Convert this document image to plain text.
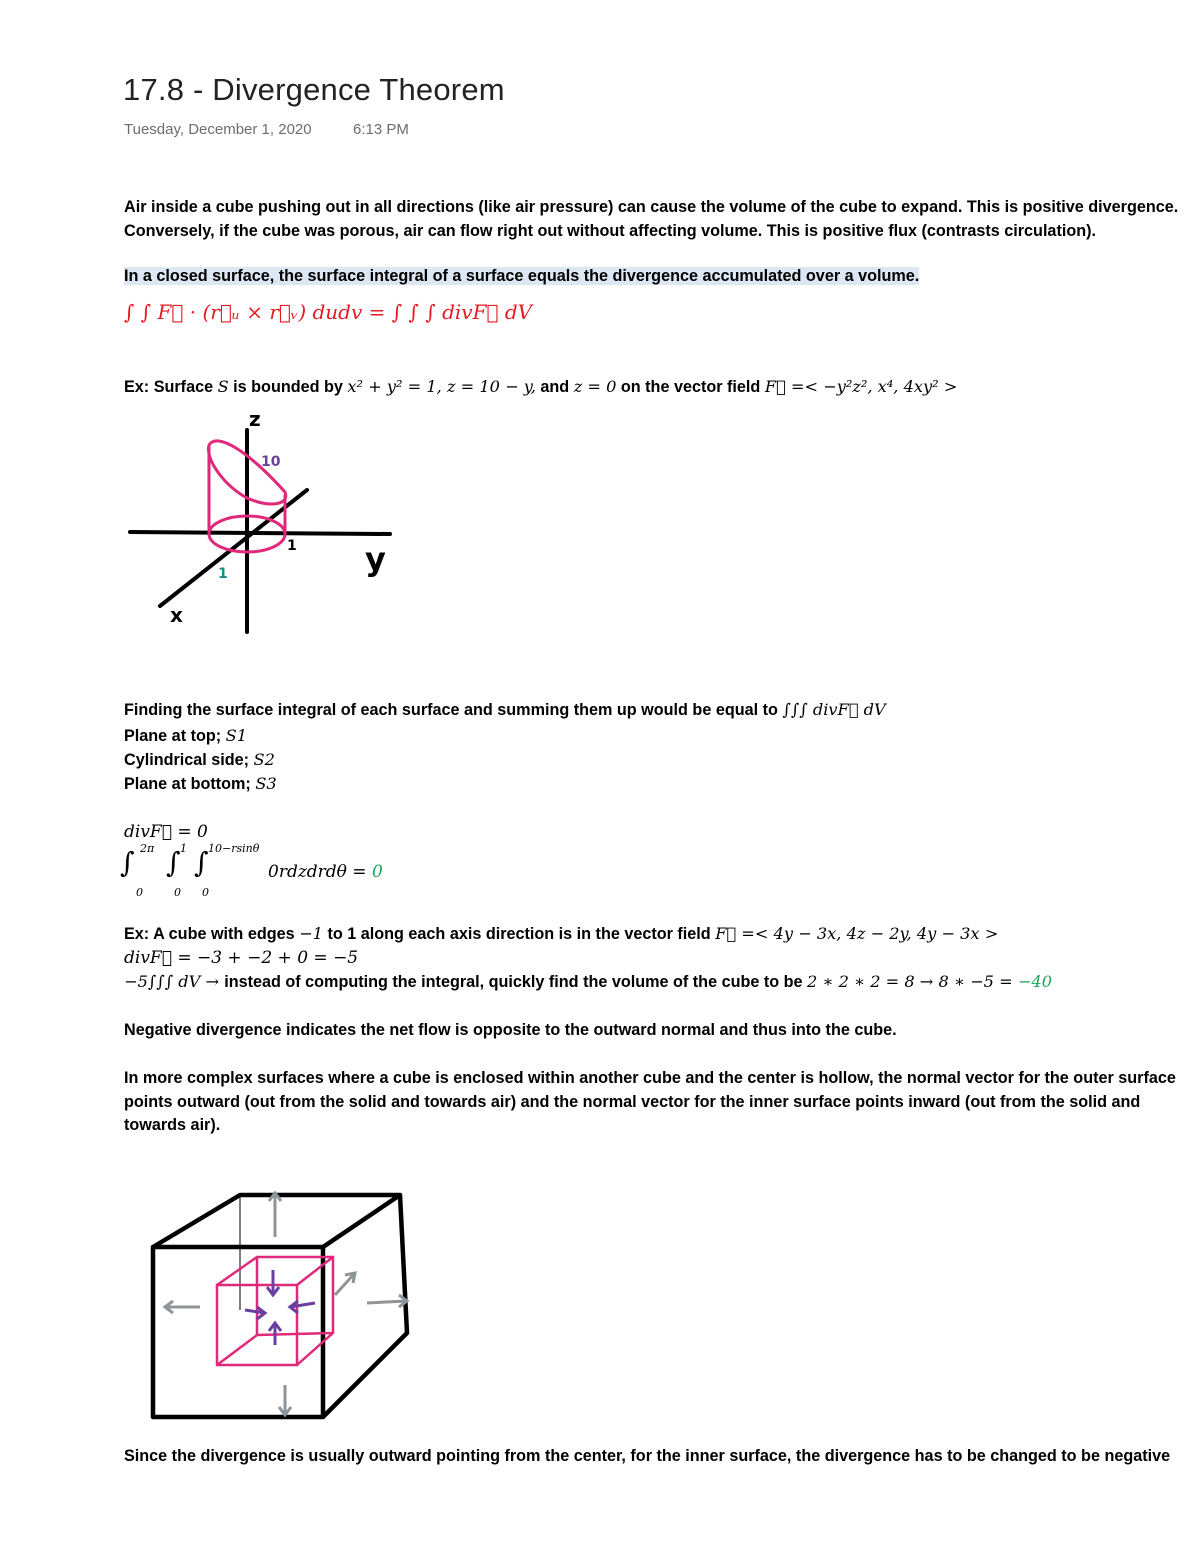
17.8 - Divergence Theorem
Tuesday, December 1, 2020	6:13 PM
Air inside a cube pushing out in all directions (like air pressure) can cause the volume of the cube to expand. This is positive divergence.
Conversely, if the cube was porous, air can flow right out without affecting volume. This is positive flux (contrasts circulation).
In a closed surface, the surface integral of a surface equals the divergence accumulated over a volume.
∫ ∫ F⃗ · (r⃗ᵤ × r⃗ᵥ) dudv = ∫ ∫ ∫ divF⃗ dV
Ex: Surface S is bounded by x² + y² = 1, z = 10 − y, and z = 0 on the vector field F⃗ =< −y²z², x⁴, 4xy² >
z
y
x
1
1
10
Finding the surface integral of each surface and summing them up would be equal to ∫∫∫ divF⃗ dV
Plane at top; S1
Cylindrical side; S2
Plane at bottom; S3
divF⃗ = 0
∫ ∫ ∫
2π 1 10−rsinθ
0	0 0
0rdzdrdθ = 0
Ex: A cube with edges −1 to 1 along each axis direction is in the vector field F⃗ =< 4y − 3x, 4z − 2y, 4y − 3x >
divF⃗ = −3 + −2 + 0 = −5
−5∫∫∫ dV → instead of computing the integral, quickly find the volume of the cube to be 2 ∗ 2 ∗ 2 = 8 → 8 ∗ −5 = −40
Negative divergence indicates the net flow is opposite to the outward normal and thus into the cube.
In more complex surfaces where a cube is enclosed within another cube and the center is hollow, the normal vector for the outer surface points outward (out from the solid and towards air) and the normal vector for the inner surface points inward (out from the solid and towards air).
Since the divergence is usually outward pointing from the center, for the inner surface, the divergence has to be changed to be negative
